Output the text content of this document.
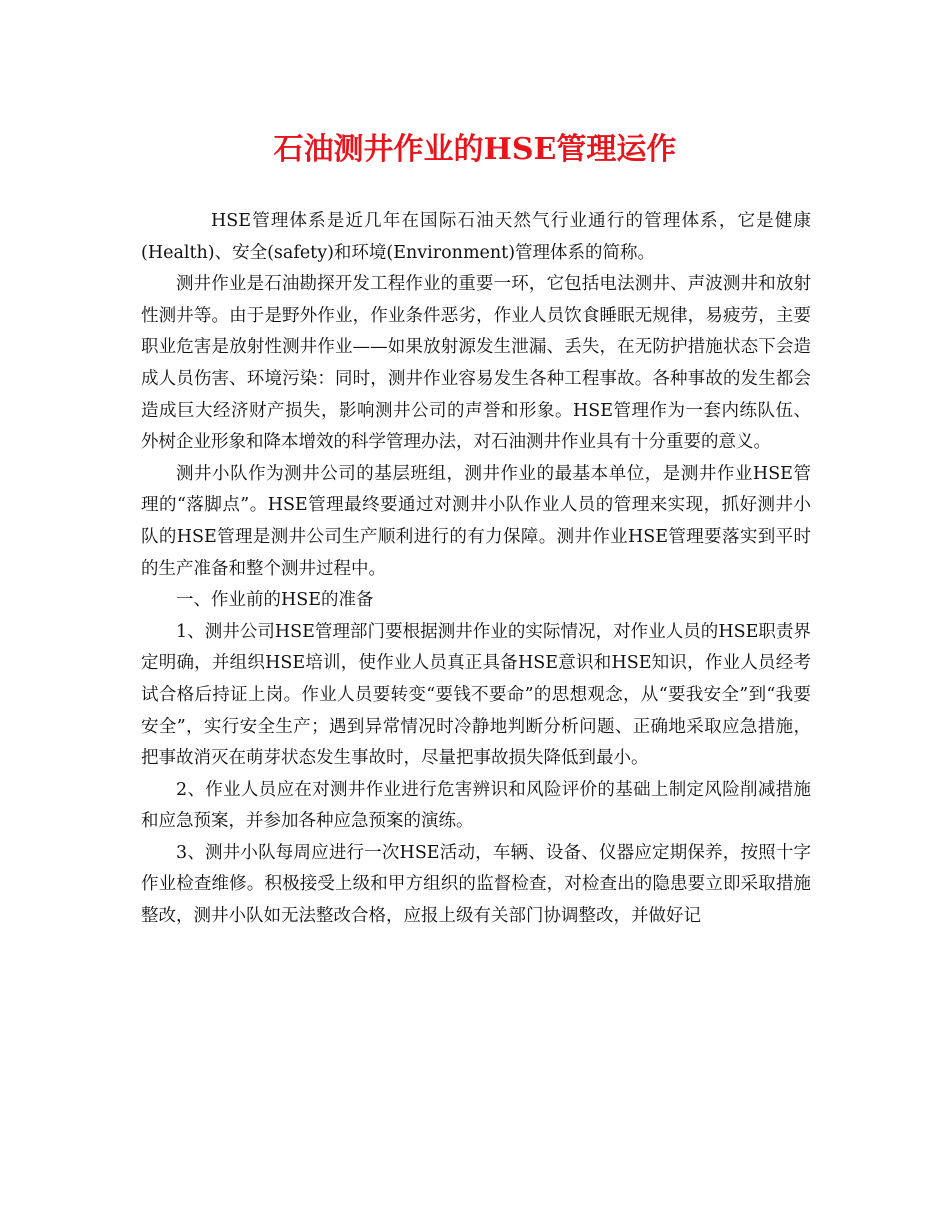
石油测井作业的HSE管理运作

HSE管理体系是近几年在国际石油天然气行业通行的管理体系，它是健康(Health)、安全(safety)和环境(Environment)管理体系的简称。

测井作业是石油勘探开发工程作业的重要一环，它包括电法测井、声波测井和放射性测井等。由于是野外作业，作业条件恶劣，作业人员饮食睡眠无规律，易疲劳，主要职业危害是放射性测井作业——如果放射源发生泄漏、丢失，在无防护措施状态下会造成人员伤害、环境污染：同时，测井作业容易发生各种工程事故。各种事故的发生都会造成巨大经济财产损失，影响测井公司的声誉和形象。HSE管理作为一套内练队伍、外树企业形象和降本增效的科学管理办法，对石油测井作业具有十分重要的意义。

测井小队作为测井公司的基层班组，测井作业的最基本单位，是测井作业HSE管理的“落脚点”。HSE管理最终要通过对测井小队作业人员的管理来实现，抓好测井小队的HSE管理是测井公司生产顺利进行的有力保障。测井作业HSE管理要落实到平时的生产准备和整个测井过程中。

一、作业前的HSE的准备

1、测井公司HSE管理部门要根据测井作业的实际情况，对作业人员的HSE职责界定明确，并组织HSE培训，使作业人员真正具备HSE意识和HSE知识，作业人员经考试合格后持证上岗。作业人员要转变“要钱不要命”的思想观念，从“要我安全”到“我要安全”，实行安全生产；遇到异常情况时冷静地判断分析问题、正确地采取应急措施，把事故消灭在萌芽状态发生事故时，尽量把事故损失降低到最小。

2、作业人员应在对测井作业进行危害辨识和风险评价的基础上制定风险削减措施和应急预案，并参加各种应急预案的演练。

3、测井小队每周应进行一次HSE活动，车辆、设备、仪器应定期保养，按照十字作业检查维修。积极接受上级和甲方组织的监督检查，对检查出的隐患要立即采取措施整改，测井小队如无法整改合格，应报上级有关部门协调整改，并做好记
